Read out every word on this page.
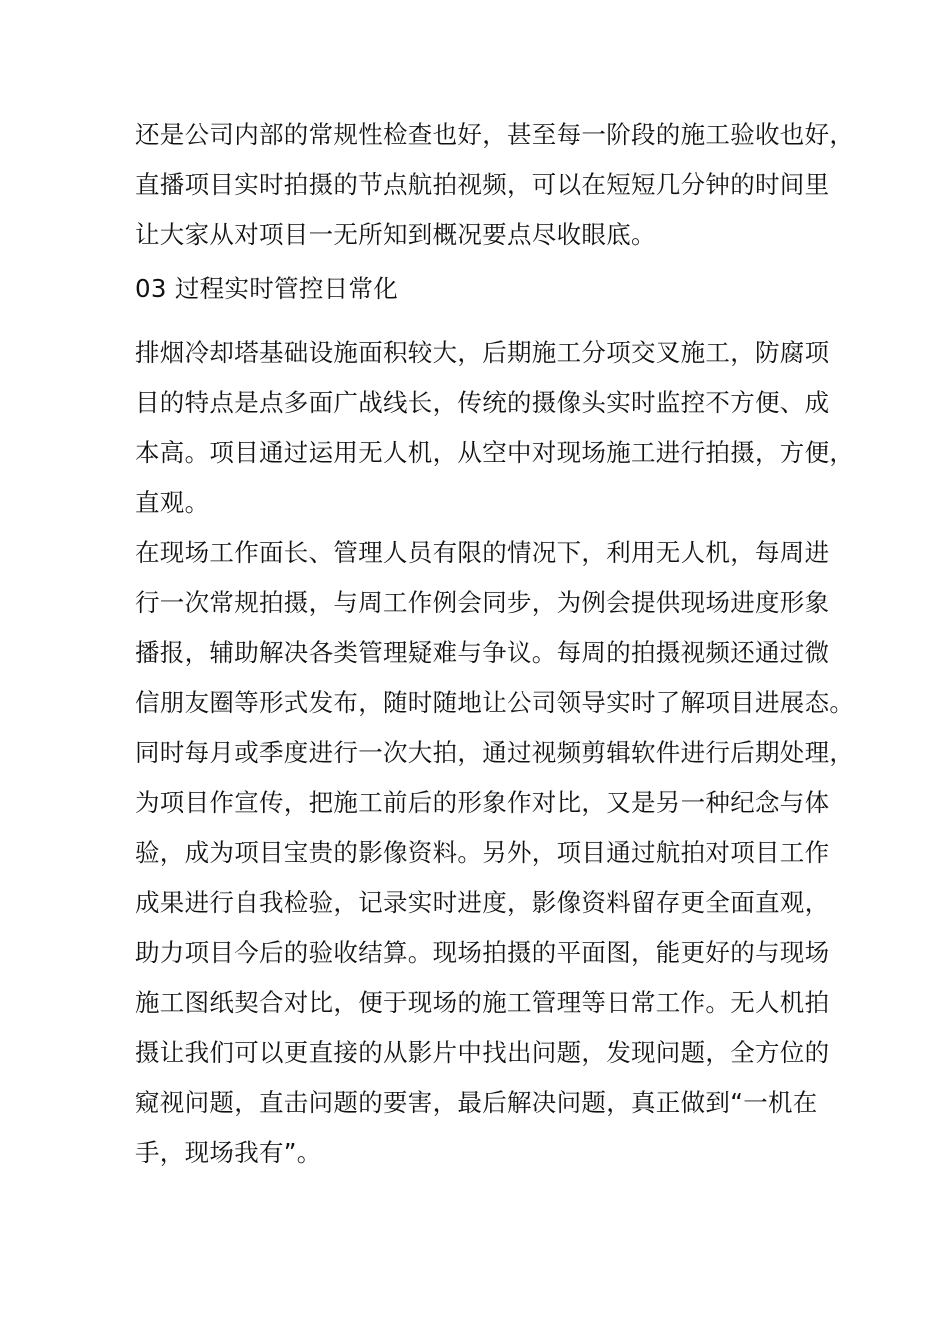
还是公司内部的常规性检查也好，甚至每一阶段的施工验收也好，
直播项目实时拍摄的节点航拍视频，可以在短短几分钟的时间里
让大家从对项目一无所知到概况要点尽收眼底。
03 过程实时管控日常化
排烟冷却塔基础设施面积较大，后期施工分项交叉施工，防腐项
目的特点是点多面广战线长，传统的摄像头实时监控不方便、成
本高。项目通过运用无人机，从空中对现场施工进行拍摄，方便，
直观。
在现场工作面长、管理人员有限的情况下，利用无人机，每周进
行一次常规拍摄，与周工作例会同步，为例会提供现场进度形象
播报，辅助解决各类管理疑难与争议。每周的拍摄视频还通过微
信朋友圈等形式发布，随时随地让公司领导实时了解项目进展态。
同时每月或季度进行一次大拍，通过视频剪辑软件进行后期处理，
为项目作宣传，把施工前后的形象作对比，又是另一种纪念与体
验，成为项目宝贵的影像资料。另外，项目通过航拍对项目工作
成果进行自我检验，记录实时进度，影像资料留存更全面直观，
助力项目今后的验收结算。现场拍摄的平面图，能更好的与现场
施工图纸契合对比，便于现场的施工管理等日常工作。无人机拍
摄让我们可以更直接的从影片中找出问题，发现问题，全方位的
窥视问题，直击问题的要害，最后解决问题，真正做到“一机在
手，现场我有”。
